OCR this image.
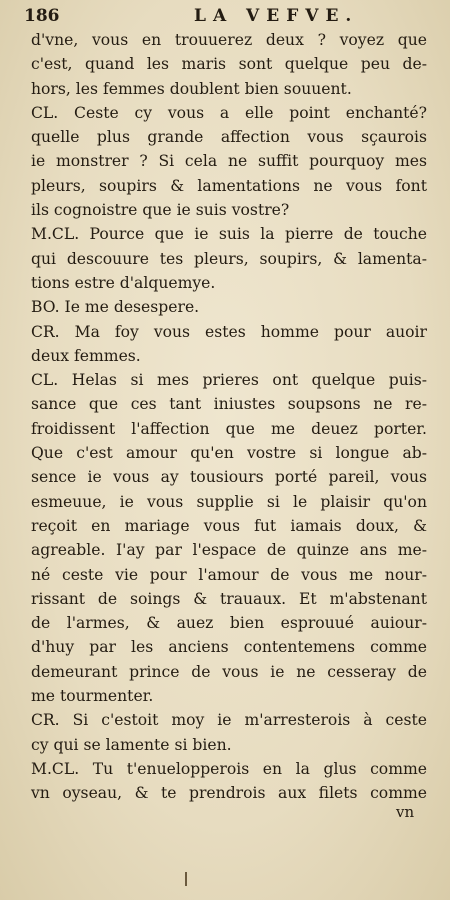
186	LA VEFVE.
d'vne, vous en trouuerez deux ? voyez que
c'est, quand les maris sont quelque peu de-
hors, les femmes doublent bien souuent.
CL. Ceste cy vous a elle point enchanté?
quelle plus grande affection vous sçaurois
ie monstrer ? Si cela ne suffit pourquoy mes
pleurs, soupirs & lamentations ne vous font
ils cognoistre que ie suis vostre?
M.CL. Pource que ie suis la pierre de touche
qui descouure tes pleurs, soupirs, & lamenta-
tions estre d'alquemye.
BO. Ie me desespere.
CR. Ma foy vous estes homme pour auoir
deux femmes.
CL. Helas si mes prieres ont quelque puis-
sance que ces tant iniustes soupsons ne re-
froidissent l'affection que me deuez porter.
Que c'est amour qu'en vostre si longue ab-
sence ie vous ay tousiours porté pareil, vous
esmeuue, ie vous supplie si le plaisir qu'on
reçoit en mariage vous fut iamais doux, &
agreable. I'ay par l'espace de quinze ans me-
né ceste vie pour l'amour de vous me nour-
rissant de soings & trauaux. Et m'abstenant
de l'armes, & auez bien esprouué auiour-
d'huy par les anciens contentemens comme
demeurant prince de vous ie ne cesseray de
me tourmenter.
CR. Si c'estoit moy ie m'arresterois à ceste
cy qui se lamente si bien.
M.CL. Tu t'enuelopperois en la glus comme
vn oyseau, & te prendrois aux filets comme
vn
